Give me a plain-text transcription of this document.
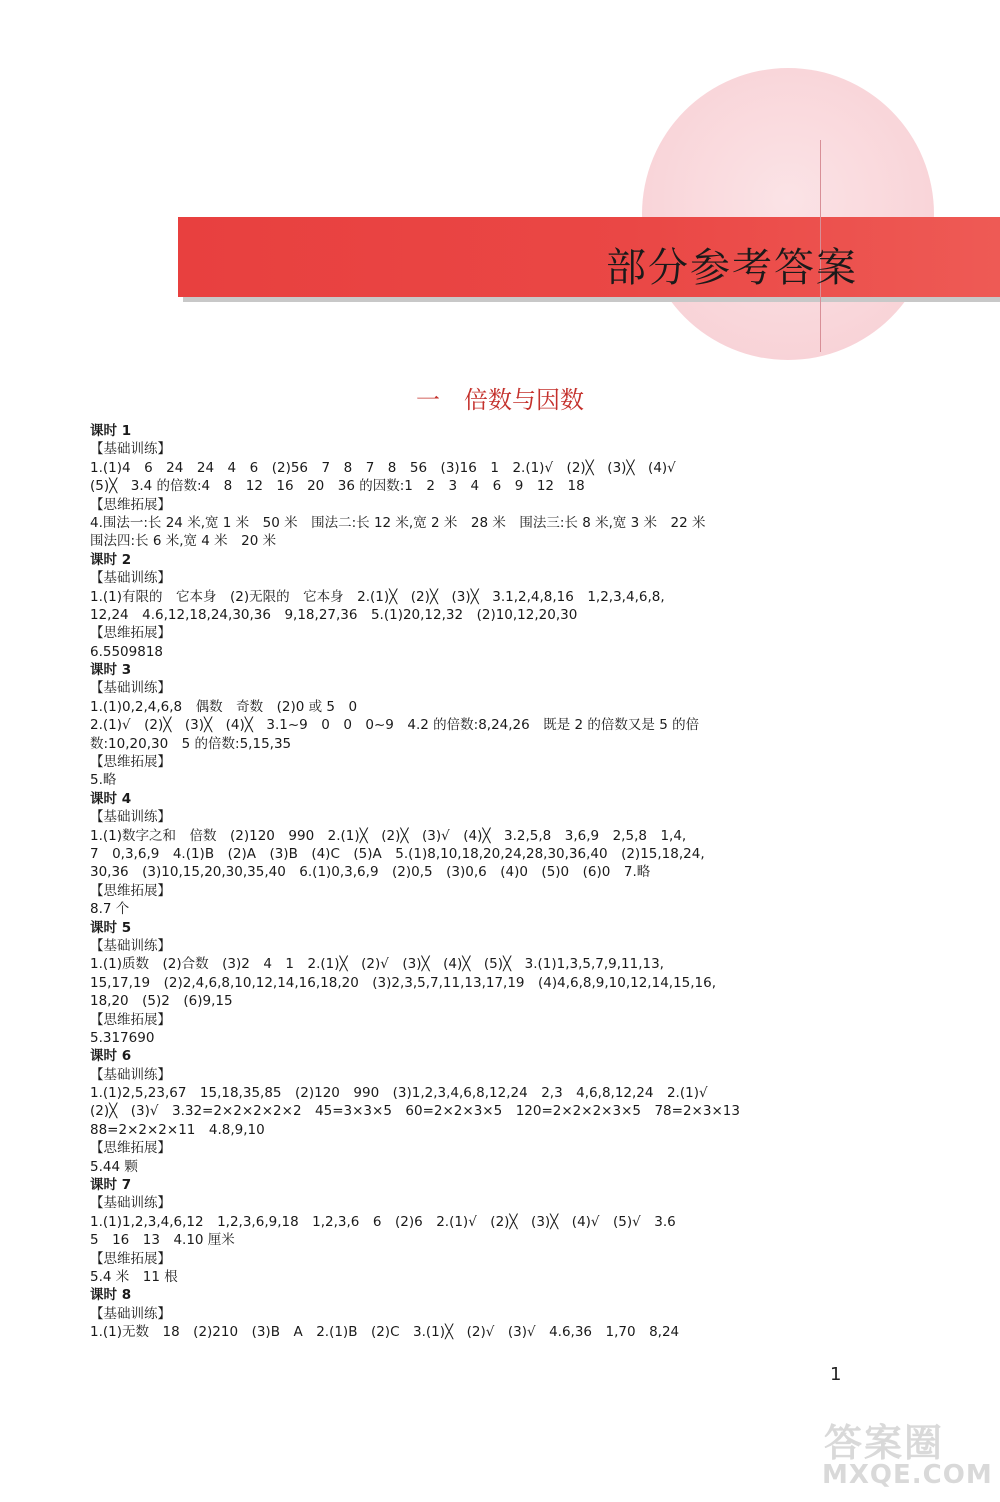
部分参考答案
一　倍数与因数
课时 1
【基础训练】
1.(1)4　6　24　24　4　6　(2)56　7　8　7　8　56　(3)16　1　2.(1)√　(2)╳　(3)╳　(4)√
(5)╳　3.4 的倍数:4　8　12　16　20　36 的因数:1　2　3　4　6　9　12　18
【思维拓展】
4.围法一:长 24 米,宽 1 米　50 米　围法二:长 12 米,宽 2 米　28 米　围法三:长 8 米,宽 3 米　22 米
围法四:长 6 米,宽 4 米　20 米
课时 2
【基础训练】
1.(1)有限的　它本身　(2)无限的　它本身　2.(1)╳　(2)╳　(3)╳　3.1,2,4,8,16　1,2,3,4,6,8,
12,24　4.6,12,18,24,30,36　9,18,27,36　5.(1)20,12,32　(2)10,12,20,30
【思维拓展】
6.5509818
课时 3
【基础训练】
1.(1)0,2,4,6,8　偶数　奇数　(2)0 或 5　0
2.(1)√　(2)╳　(3)╳　(4)╳　3.1~9　0　0　0~9　4.2 的倍数:8,24,26　既是 2 的倍数又是 5 的倍
数:10,20,30　5 的倍数:5,15,35
【思维拓展】
5.略
课时 4
【基础训练】
1.(1)数字之和　倍数　(2)120　990　2.(1)╳　(2)╳　(3)√　(4)╳　3.2,5,8　3,6,9　2,5,8　1,4,
7　0,3,6,9　4.(1)B　(2)A　(3)B　(4)C　(5)A　5.(1)8,10,18,20,24,28,30,36,40　(2)15,18,24,
30,36　(3)10,15,20,30,35,40　6.(1)0,3,6,9　(2)0,5　(3)0,6　(4)0　(5)0　(6)0　7.略
【思维拓展】
8.7 个
课时 5
【基础训练】
1.(1)质数　(2)合数　(3)2　4　1　2.(1)╳　(2)√　(3)╳　(4)╳　(5)╳　3.(1)1,3,5,7,9,11,13,
15,17,19　(2)2,4,6,8,10,12,14,16,18,20　(3)2,3,5,7,11,13,17,19　(4)4,6,8,9,10,12,14,15,16,
18,20　(5)2　(6)9,15
【思维拓展】
5.317690
课时 6
【基础训练】
1.(1)2,5,23,67　15,18,35,85　(2)120　990　(3)1,2,3,4,6,8,12,24　2,3　4,6,8,12,24　2.(1)√
(2)╳　(3)√　3.32=2×2×2×2×2　45=3×3×5　60=2×2×3×5　120=2×2×2×3×5　78=2×3×13
88=2×2×2×11　4.8,9,10
【思维拓展】
5.44 颗
课时 7
【基础训练】
1.(1)1,2,3,4,6,12　1,2,3,6,9,18　1,2,3,6　6　(2)6　2.(1)√　(2)╳　(3)╳　(4)√　(5)√　3.6
5　16　13　4.10 厘米
【思维拓展】
5.4 米　11 根
课时 8
【基础训练】
1.(1)无数　18　(2)210　(3)B　A　2.(1)B　(2)C　3.(1)╳　(2)√　(3)√　4.6,36　1,70　8,24
1
答案圈
MXQE.COM
